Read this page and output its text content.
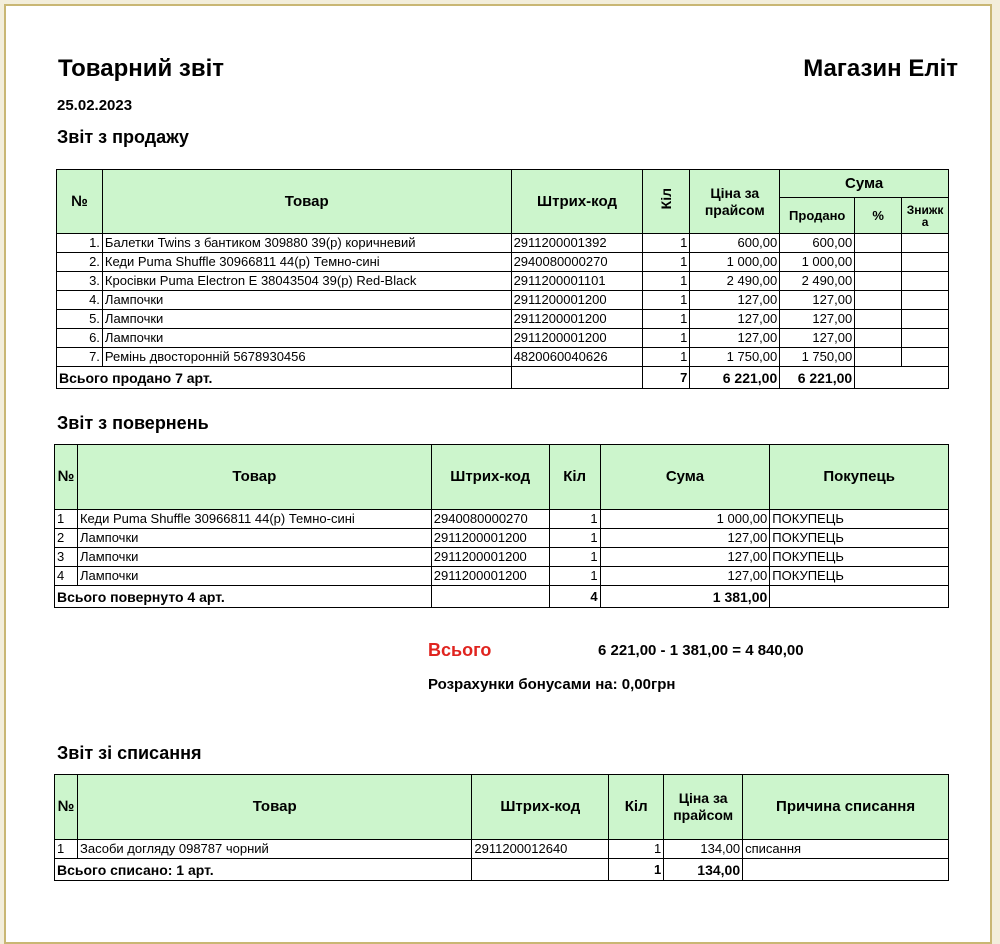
Товарний звіт	Магазин Еліт
25.02.2023
Звіт з продажу
№	Товар	Штрих-код	Кіл	Ціна за прайсом	Сума		
					Продано	%	Знижка
1.	Балетки Twins з бантиком 309880 39(р) коричневий	2911200001392	1	600,00	600,00		
2.	Кеди Puma Shuffle 30966811 44(р) Темно-сині	2940080000270	1	1 000,00	1 000,00		
3.	Кросівки Puma Electron E 38043504 39(р) Red-Black	2911200001101	1	2 490,00	2 490,00		
4.	Лампочки	2911200001200	1	127,00	127,00		
5.	Лампочки	2911200001200	1	127,00	127,00		
6.	Лампочки	2911200001200	1	127,00	127,00		
7.	Ремінь двосторонній 5678930456	4820060040626	1	1 750,00	1 750,00		
Всього продано 7 арт.			7	6 221,00	6 221,00		
Звіт з повернень
№	Товар	Штрих-код	Кіл	Сума	Покупець
1	Кеди Puma Shuffle 30966811 44(р) Темно-сині	2940080000270	1	1 000,00	ПОКУПЕЦЬ
2	Лампочки	2911200001200	1	127,00	ПОКУПЕЦЬ
3	Лампочки	2911200001200	1	127,00	ПОКУПЕЦЬ
4	Лампочки	2911200001200	1	127,00	ПОКУПЕЦЬ
Всього повернуто 4 арт.			4	1 381,00	
Всього	6 221,00 - 1 381,00 = 4 840,00
Розрахунки бонусами на: 0,00грн
Звіт зі списання
№	Товар	Штрих-код	Кіл	Ціна за прайсом	Причина списання
1	Засоби догляду 098787 чорний	2911200012640	1	134,00	списання
Всього списано: 1 арт.			1	134,00	
